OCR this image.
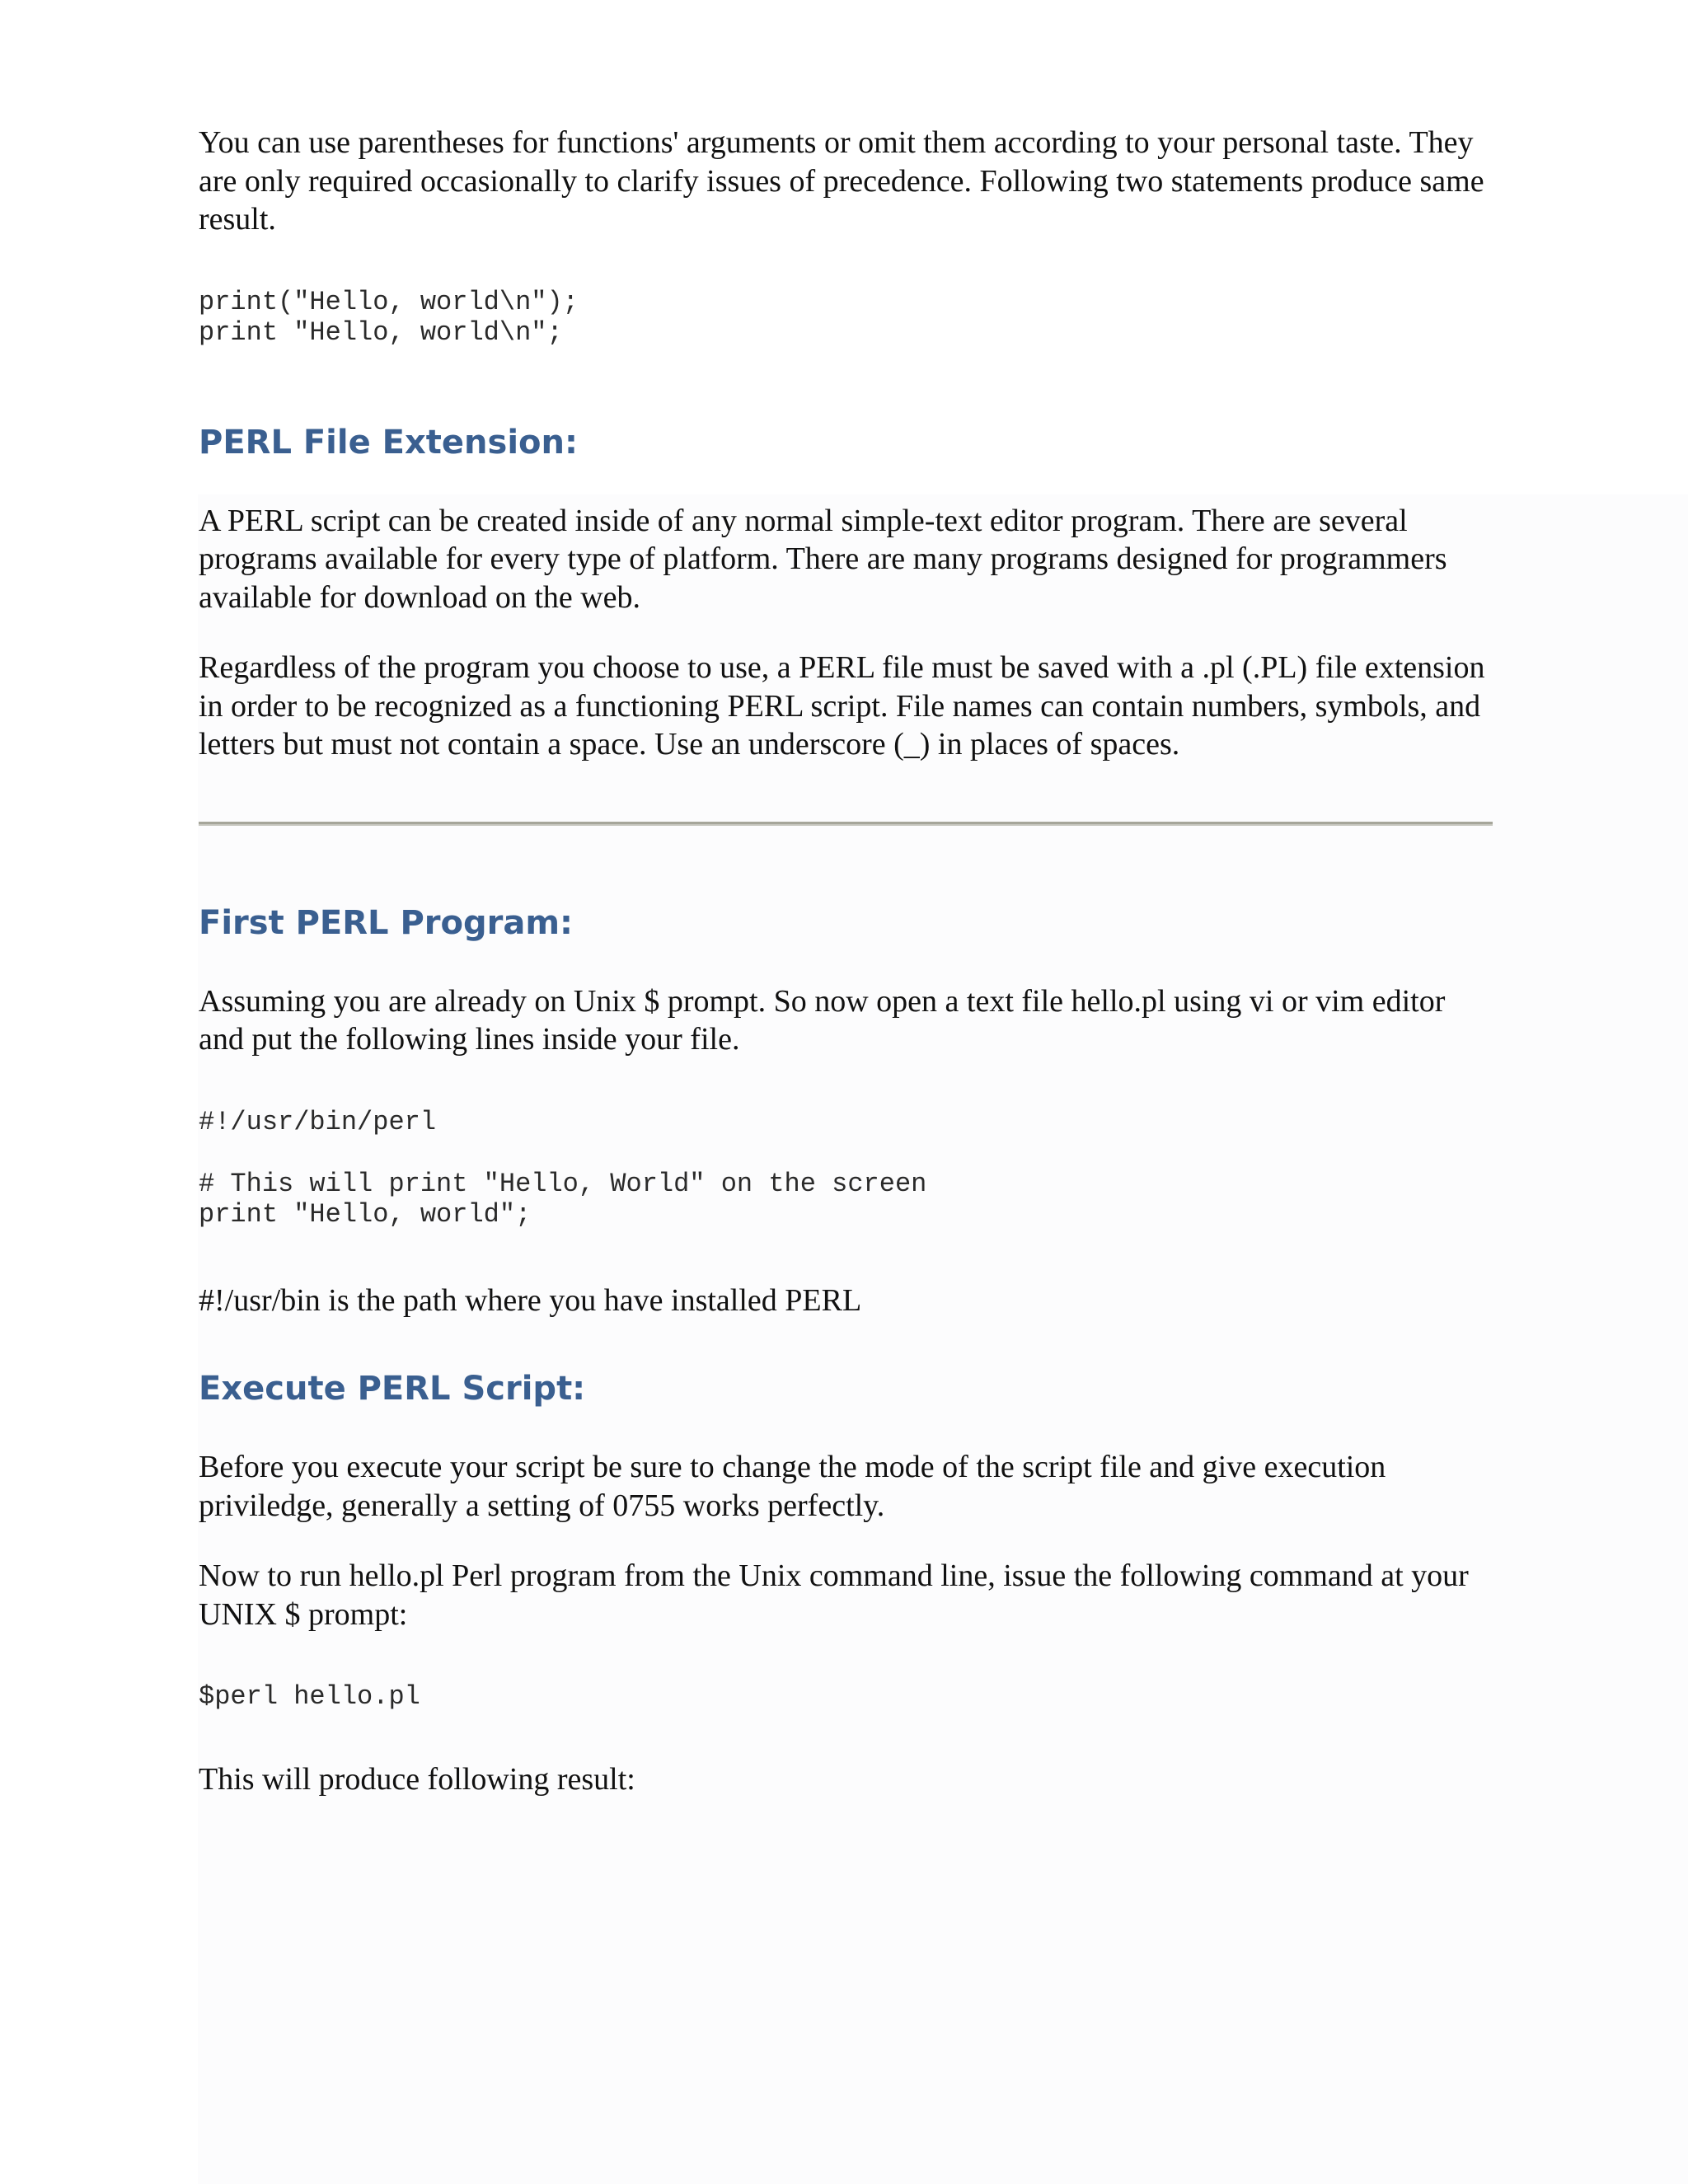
You can use parentheses for functions' arguments or omit them according to your personal taste. They are only required occasionally to clarify issues of precedence. Following two statements produce same result.

print("Hello, world\n");
print "Hello, world\n";
PERL File Extension:

A PERL script can be created inside of any normal simple-text editor program. There are several programs available for every type of platform. There are many programs designed for programmers available for download on the web.

Regardless of the program you choose to use, a PERL file must be saved with a .pl (.PL) file extension in order to be recognized as a functioning PERL script. File names can contain numbers, symbols, and letters but must not contain a space. Use an underscore (_) in places of spaces.

First PERL Program:

Assuming you are already on Unix $ prompt. So now open a text file hello.pl using vi or vim editor and put the following lines inside your file.

#!/usr/bin/perl

# This will print "Hello, World" on the screen
print "Hello, world";

#!/usr/bin is the path where you have installed PERL

Execute PERL Script:

Before you execute your script be sure to change the mode of the script file and give execution priviledge, generally a setting of 0755 works perfectly.

Now to run hello.pl Perl program from the Unix command line, issue the following command at your UNIX $ prompt:

$perl hello.pl

This will produce following result:
